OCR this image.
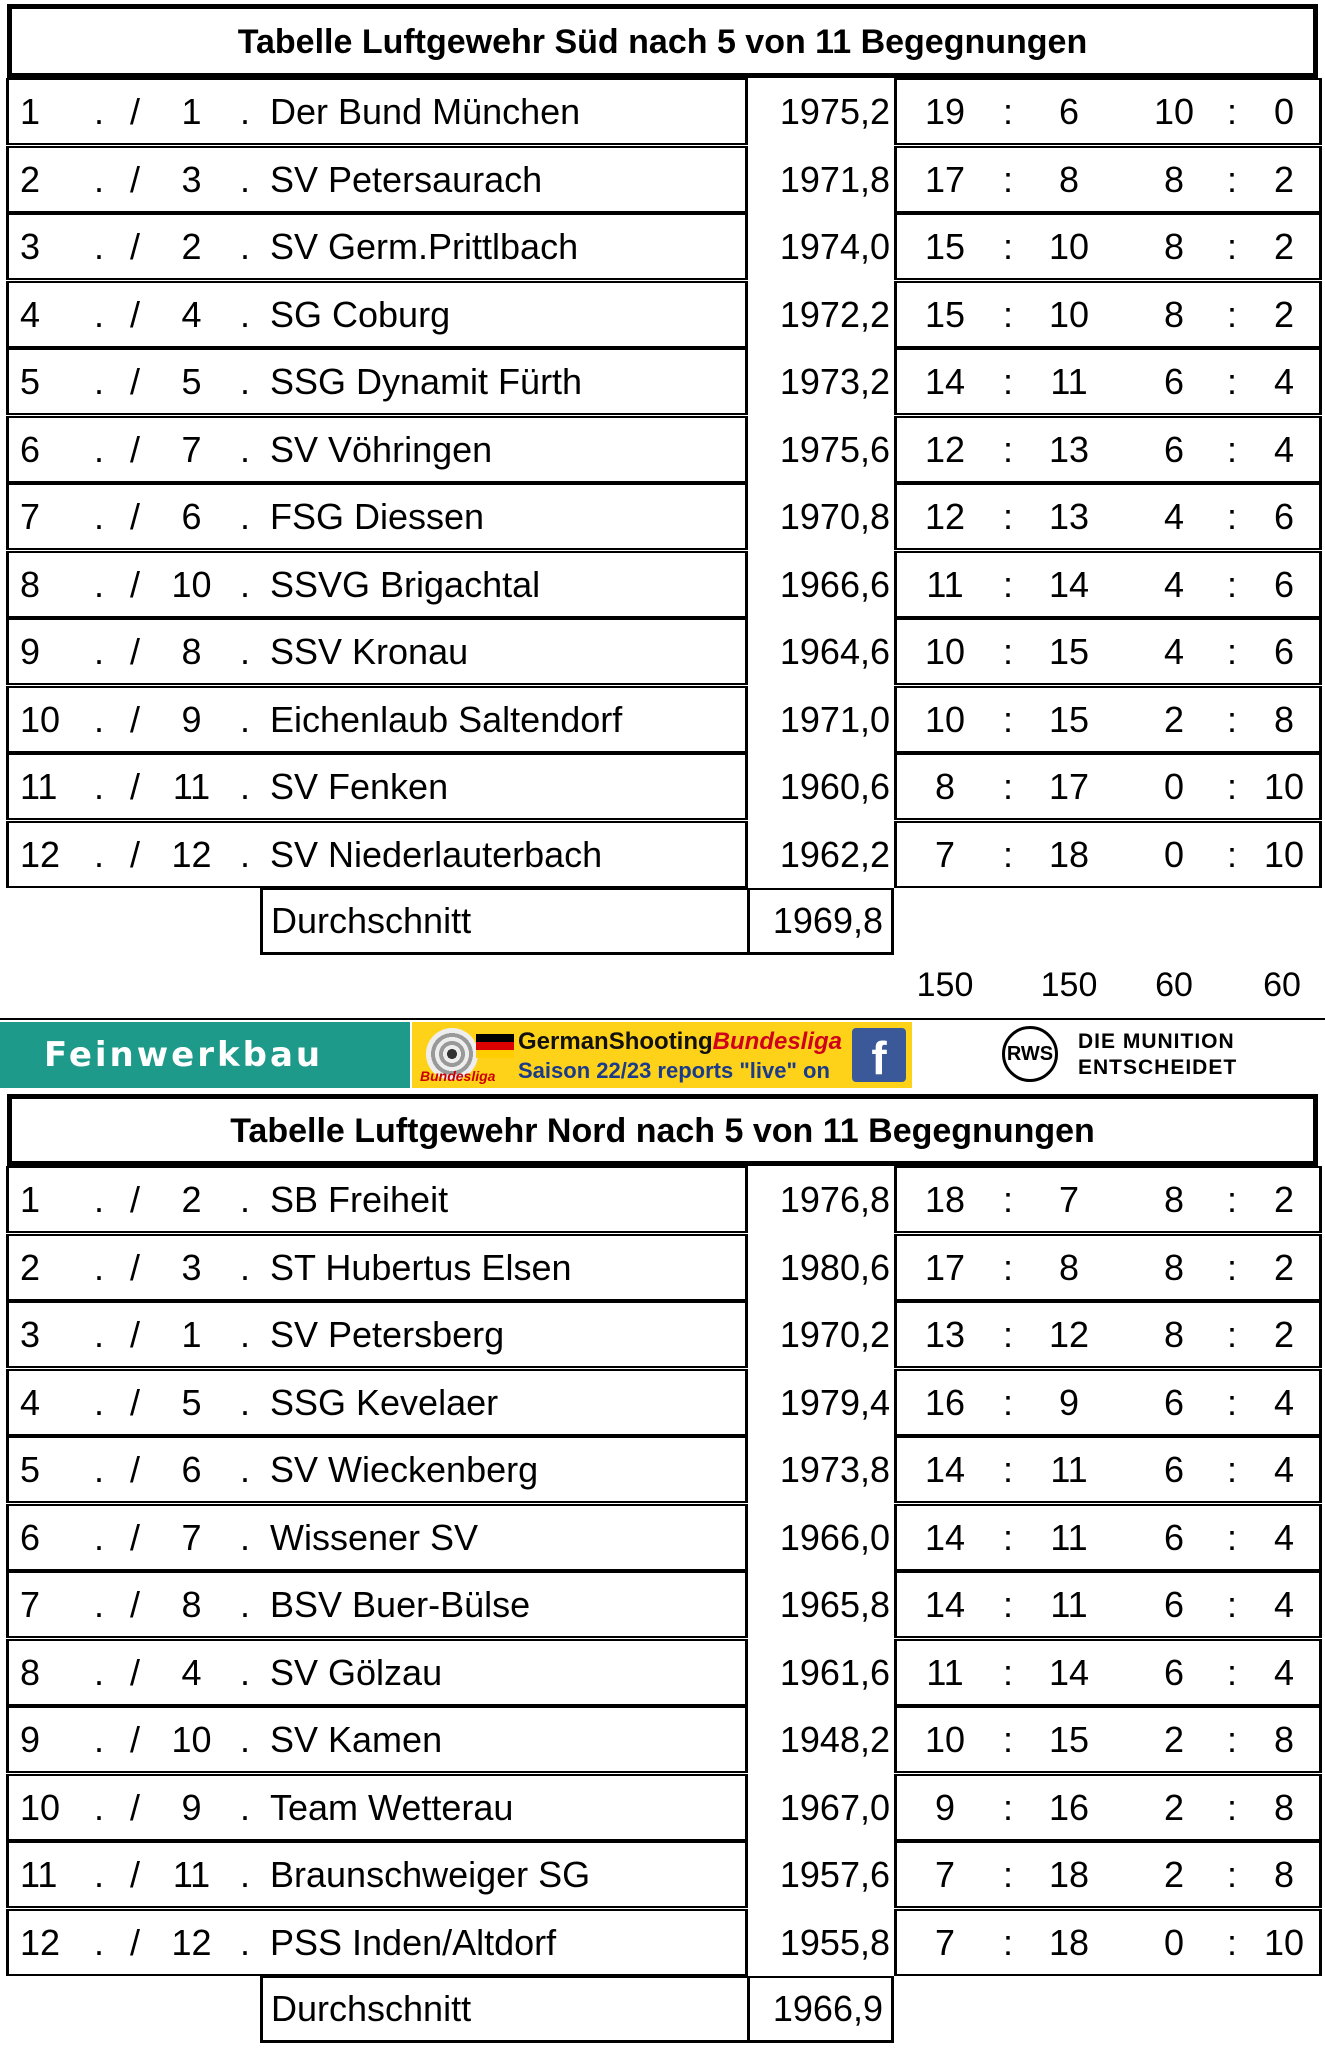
Tabelle Luftgewehr Süd nach 5 von 11 Begegnungen
1	. /	1	. Der Bund München	1975,2 19	:	6	10 :	0
2	. /	3	. SV Petersaurach	1971,8 17	:	8	8	:	2
3	. /	2	. SV Germ.Prittlbach	1974,0 15	: 10	8	:	2
4	. /	4	. SG Coburg	1972,2 15	: 10	8	:	2
5	. /	5	. SSG Dynamit Fürth	1973,2 14	:	11	6	:	4
6	. /	7	. SV Vöhringen	1975,6 12	: 13	6	:	4
7	. /	6	. FSG Diessen	1970,8 12	: 13	4	:	6
8	. / 10 . SSVG Brigachtal	1966,6	11	: 14	4	:	6
9	. /	8	. SSV Kronau	1964,6 10	: 15	4	:	6
10 . /	9	. Eichenlaub Saltendorf	1971,0 10	: 15	2	:	8
11	. / 11 . SV Fenken	1960,6	8	: 17	0	: 10
12 . / 12 . SV Niederlauterbach	1962,2	7	: 18	0	: 10
Durchschnitt	1969,8
150 150	60	60
Feinwerkbau
Bundesliga
GermanShootingBundesliga
Saison 22/23 reports "live" on f	RWS
DIE MUNITION
ENTSCHEIDET
Tabelle Luftgewehr Nord nach 5 von 11 Begegnungen
1	. /	2	. SB Freiheit	1976,8 18	:	7	8	:	2
2	. /	3	. ST Hubertus Elsen	1980,6 17	:	8	8	:	2
3	. /	1	. SV Petersberg	1970,2 13	: 12	8	:	2
4	. /	5	. SSG Kevelaer	1979,4 16	:	9	6	:	4
5	. /	6	. SV Wieckenberg	1973,8 14	:	11	6	:	4
6	. /	7	. Wissener SV	1966,0 14	:	11	6	:	4
7	. /	8	. BSV Buer-Bülse	1965,8 14	:	11	6	:	4
8	. /	4	. SV Gölzau	1961,6	11	: 14	6	:	4
9	. / 10 . SV Kamen	1948,2 10	: 15	2	:	8
10 . /	9	. Team Wetterau	1967,0	9	: 16	2	:	8
11	. / 11 . Braunschweiger SG	1957,6	7	: 18	2	:	8
12 . / 12 . PSS Inden/Altdorf	1955,8	7	: 18	0	: 10
Durchschnitt	1966,9
